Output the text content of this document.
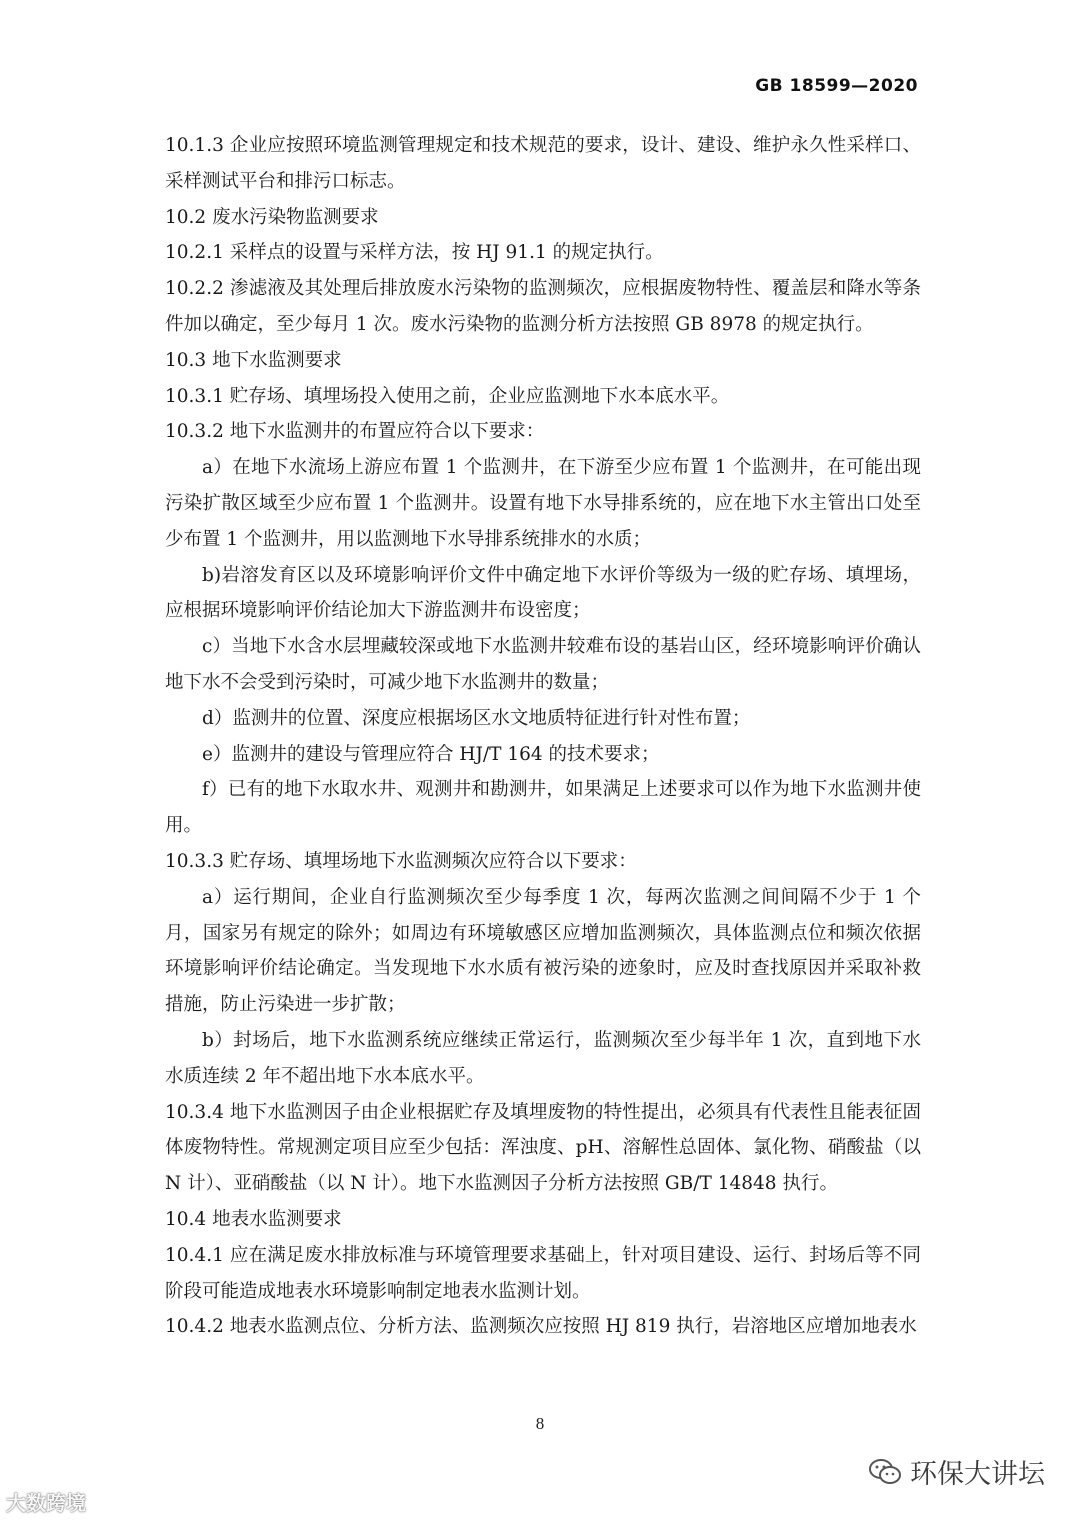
GB 18599—2020

10.1.3 企业应按照环境监测管理规定和技术规范的要求，设计、建设、维护永久性采样口、采样测试平台和排污口标志。

10.2 废水污染物监测要求

10.2.1 采样点的设置与采样方法，按 HJ 91.1 的规定执行。

10.2.2 渗滤液及其处理后排放废水污染物的监测频次，应根据废物特性、覆盖层和降水等条件加以确定，至少每月 1 次。废水污染物的监测分析方法按照 GB 8978 的规定执行。

10.3 地下水监测要求

10.3.1 贮存场、填埋场投入使用之前，企业应监测地下水本底水平。

10.3.2 地下水监测井的布置应符合以下要求：

a）在地下水流场上游应布置 1 个监测井，在下游至少应布置 1 个监测井，在可能出现污染扩散区域至少应布置 1 个监测井。设置有地下水导排系统的，应在地下水主管出口处至少布置 1 个监测井，用以监测地下水导排系统排水的水质；

b)岩溶发育区以及环境影响评价文件中确定地下水评价等级为一级的贮存场、填埋场，应根据环境影响评价结论加大下游监测井布设密度；

c）当地下水含水层埋藏较深或地下水监测井较难布设的基岩山区，经环境影响评价确认地下水不会受到污染时，可减少地下水监测井的数量；

d）监测井的位置、深度应根据场区水文地质特征进行针对性布置；

e）监测井的建设与管理应符合 HJ/T 164 的技术要求；

f）已有的地下水取水井、观测井和勘测井，如果满足上述要求可以作为地下水监测井使用。

10.3.3 贮存场、填埋场地下水监测频次应符合以下要求：

a）运行期间，企业自行监测频次至少每季度 1 次，每两次监测之间间隔不少于 1 个月，国家另有规定的除外；如周边有环境敏感区应增加监测频次，具体监测点位和频次依据环境影响评价结论确定。当发现地下水水质有被污染的迹象时，应及时查找原因并采取补救措施，防止污染进一步扩散；

b）封场后，地下水监测系统应继续正常运行，监测频次至少每半年 1 次，直到地下水水质连续 2 年不超出地下水本底水平。

10.3.4 地下水监测因子由企业根据贮存及填埋废物的特性提出，必须具有代表性且能表征固体废物特性。常规测定项目应至少包括：浑浊度、pH、溶解性总固体、氯化物、硝酸盐（以 N 计）、亚硝酸盐（以 N 计）。地下水监测因子分析方法按照 GB/T 14848 执行。

10.4 地表水监测要求

10.4.1 应在满足废水排放标准与环境管理要求基础上，针对项目建设、运行、封场后等不同阶段可能造成地表水环境影响制定地表水监测计划。

10.4.2 地表水监测点位、分析方法、监测频次应按照 HJ 819 执行，岩溶地区应增加地表水

8
大数跨境
环保大讲坛
